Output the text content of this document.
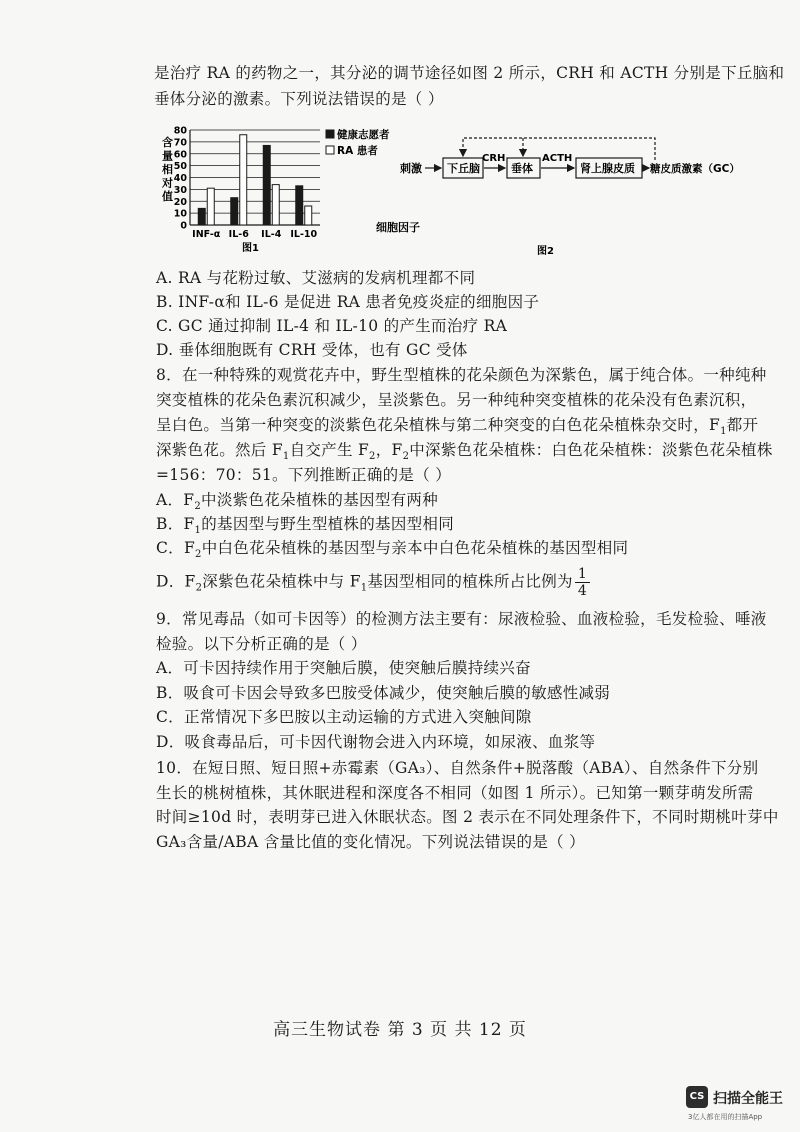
是治疗 RA 的药物之一，其分泌的调节途径如图 2 所示，CRH 和 ACTH 分别是下丘脑和
垂体分泌的激素。下列说法错误的是（ ）
含
量
相
对
值
INF-α IL-6 IL-4 IL-10
0
10
20
30
40
50
60
70
80	健康志愿者
RA 患者
细胞因子
图1
刺激 下丘脑
CRH
垂体
ACTH
肾上腺皮质 糖皮质激素（GC）
图2
A. RA 与花粉过敏、艾滋病的发病机理都不同
B. INF-α和 IL-6 是促进 RA 患者免疫炎症的细胞因子
C. GC 通过抑制 IL-4 和 IL-10 的产生而治疗 RA
D. 垂体细胞既有 CRH 受体，也有 GC 受体
8．在一种特殊的观赏花卉中，野生型植株的花朵颜色为深紫色，属于纯合体。一种纯种
突变植株的花朵色素沉积减少，呈淡紫色。另一种纯种突变植株的花朵没有色素沉积，
呈白色。当第一种突变的淡紫色花朵植株与第二种突变的白色花朵植株杂交时，$F_1$都开
深紫色花。然后 $F_1$自交产生 $F_2$，$F_2$中深紫色花朵植株：白色花朵植株：淡紫色花朵植株
=156：70：51。下列推断正确的是（ ）
A．$F_2$中淡紫色花朵植株的基因型有两种
B．$F_1$的基因型与野生型植株的基因型相同
C．$F_2$中白色花朵植株的基因型与亲本中白色花朵植株的基因型相同
D．$F_2$深紫色花朵植株中与 $F_1$基因型相同的植株所占比例为 $\frac{1}{4}$
9．常见毒品（如可卡因等）的检测方法主要有：尿液检验、血液检验，毛发检验、唾液
检验。以下分析正确的是（ ）
A．可卡因持续作用于突触后膜，使突触后膜持续兴奋
B．吸食可卡因会导致多巴胺受体减少，使突触后膜的敏感性减弱
C．正常情况下多巴胺以主动运输的方式进入突触间隙
D．吸食毒品后，可卡因代谢物会进入内环境，如尿液、血浆等
10．在短日照、短日照+赤霉素（GA₃）、自然条件+脱落酸（ABA）、自然条件下分别
生长的桃树植株，其休眠进程和深度各不相同（如图 1 所示）。已知第一颗芽萌发所需
时间≥10d 时，表明芽已进入休眠状态。图 2 表示在不同处理条件下，不同时期桃叶芽中
GA₃含量/ABA 含量比值的变化情况。下列说法错误的是（ ）
高三生物试卷 第 3 页 共 12 页
CS 扫描全能王
3亿人都在用的扫描App
